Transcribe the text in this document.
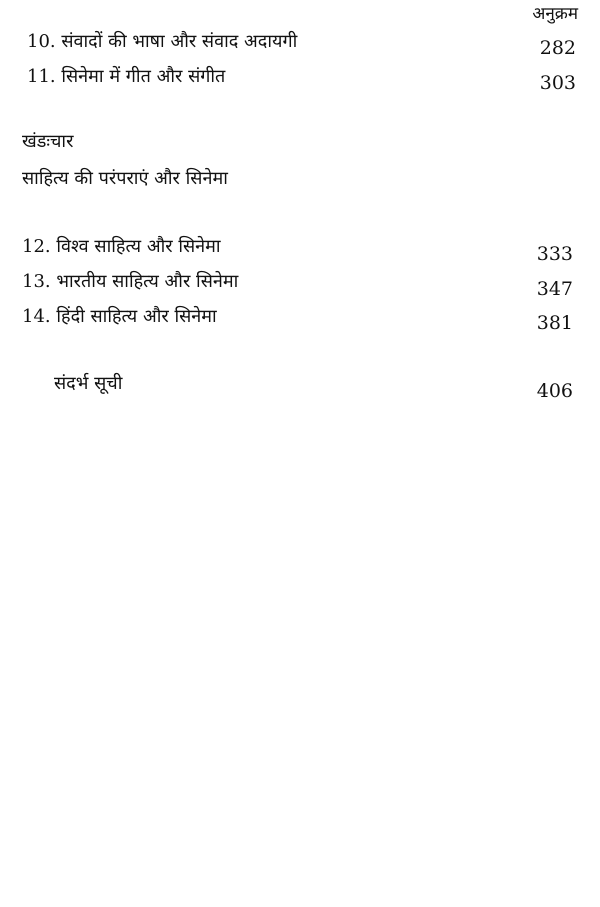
अनुक्रम
10. संवादों की भाषा और संवाद अदायगी	282
11. सिनेमा में गीत और संगीत	303
खंडःचार
साहित्य की परंपराएं और सिनेमा
12. विश्व साहित्य और सिनेमा	333
13. भारतीय साहित्य और सिनेमा	347
14. हिंदी साहित्य और सिनेमा	381
संदर्भ सूची	406
